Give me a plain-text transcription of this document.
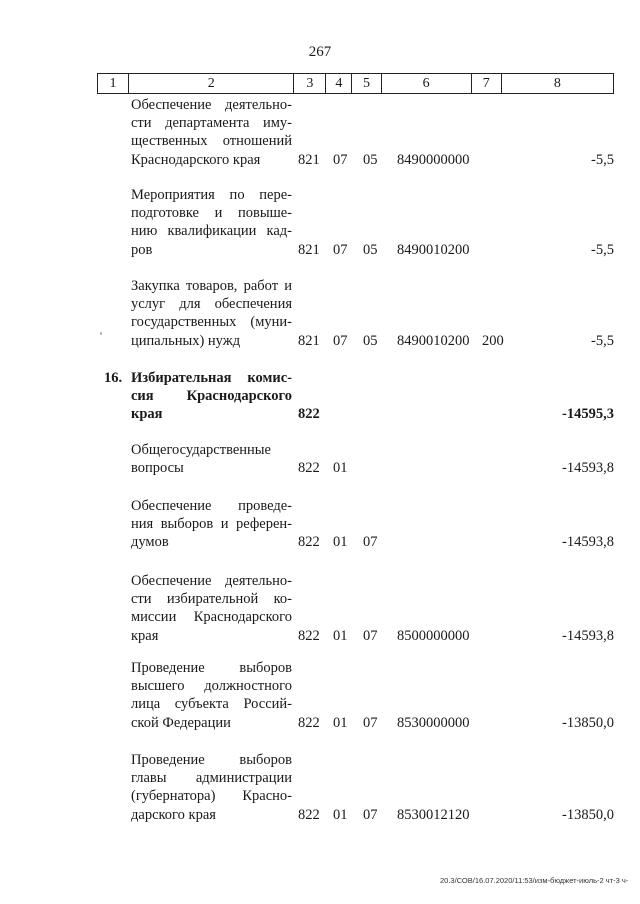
267
1	2	3	4	5	6	7	8
Обеспечение деятельно-
сти департамента иму-
щественных отношений
Краснодарского края	821 07 05 8490000000	-5,5
Мероприятия по пере-
подготовке и повыше-
нию квалификации кад-
ров	821 07 05 8490010200	-5,5
Закупка товаров, работ и
услуг для обеспечения
государственных (муни-
ципальных) нужд	821 07 05 8490010200 200	-5,5
16. Избирательная комис-
сия Краснодарского
края	822	-14595,3
Общегосударственные
вопросы	822 01	-14593,8
Обеспечение проведе-
ния выборов и референ-
думов	822 01 07	-14593,8
Обеспечение деятельно-
сти избирательной ко-
миссии Краснодарского
края	822 01 07 8500000000	-14593,8
Проведение выборов
высшего должностного
лица субъекта Россий-
ской Федерации	822 01 07 8530000000	-13850,0
Проведение выборов
главы администрации
(губернатора) Красно-
дарского края	822 01 07 8530012120	-13850,0
20.3/СОВ/16.07.2020/11:53/изм-бюджет-июль-2 чт-3 ч-
